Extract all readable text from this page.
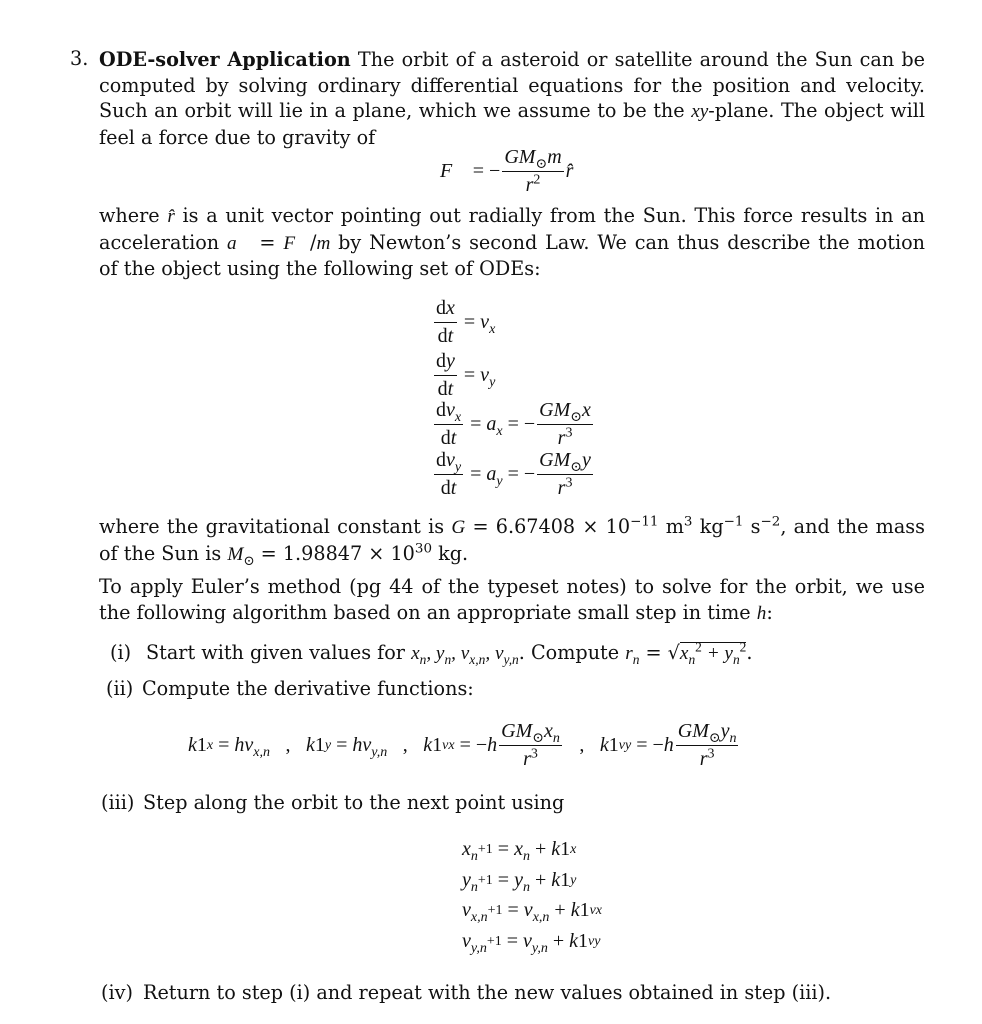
3. ODE-solver Application The orbit of a asteroid or satellite around the Sun can be computed by solving ordinary differential equations for the position and velocity. Such an orbit will lie in a plane, which we assume to be the xy-plane. The object will feel a force due to gravity of
F⃗ = − $\frac{GM_⊙m}{r^2}$ r̂
where r̂ is a unit vector pointing out radially from the Sun. This force results in an acceleration a⃗ = F⃗/m by Newton’s second Law. We can thus describe the motion of the object using the following set of ODEs:
$\frac{dx}{dt} = v_x$
$\frac{dy}{dt} = v_y$
$\frac{dv_x}{dt} = a_x$ = − $\frac{GM_⊙x}{r^3}$
$\frac{dv_y}{dt} = a_y$ = − $\frac{GM_⊙y}{r^3}$
where the gravitational constant is $G = 6.67408 \times 10^{-11}$ $m^3$ $kg^{-1}$ $s^{-2}$, and the mass of the Sun is $M_⊙ = 1.98847 \times 10^{30}$ kg.
To apply Euler’s method (pg 44 of the typeset notes) to solve for the orbit, we use the following algorithm based on an appropriate small step in time h:
(i) Start with given values for $x_n$, $y_n$, $v_{x,n}$, $v_{y,n}$. Compute $r_n = √x_n^2 + y_n^2$.
(ii) Compute the derivative functions:
k 1 $x = hv_{x,n}$ , k 1 $y = hv_{y,n}$ , k 1 vx = − h $\frac{GM_⊙x_n}{r^3}$ , k 1 vy = − h $\frac{GM_⊙y_n}{r^3}$
(iii) Step along the orbit to the next point using
$x_n +1 = x_n + k$ 1 x
$y_n +1 = y_n + k$ 1 y
$v_{x,n} +1 = v_{x,n} + k$ 1 vx
$v_{y,n} +1 = v_{y,n} + k$ 1 vy
(iv) Return to step (i) and repeat with the new values obtained in step (iii).
